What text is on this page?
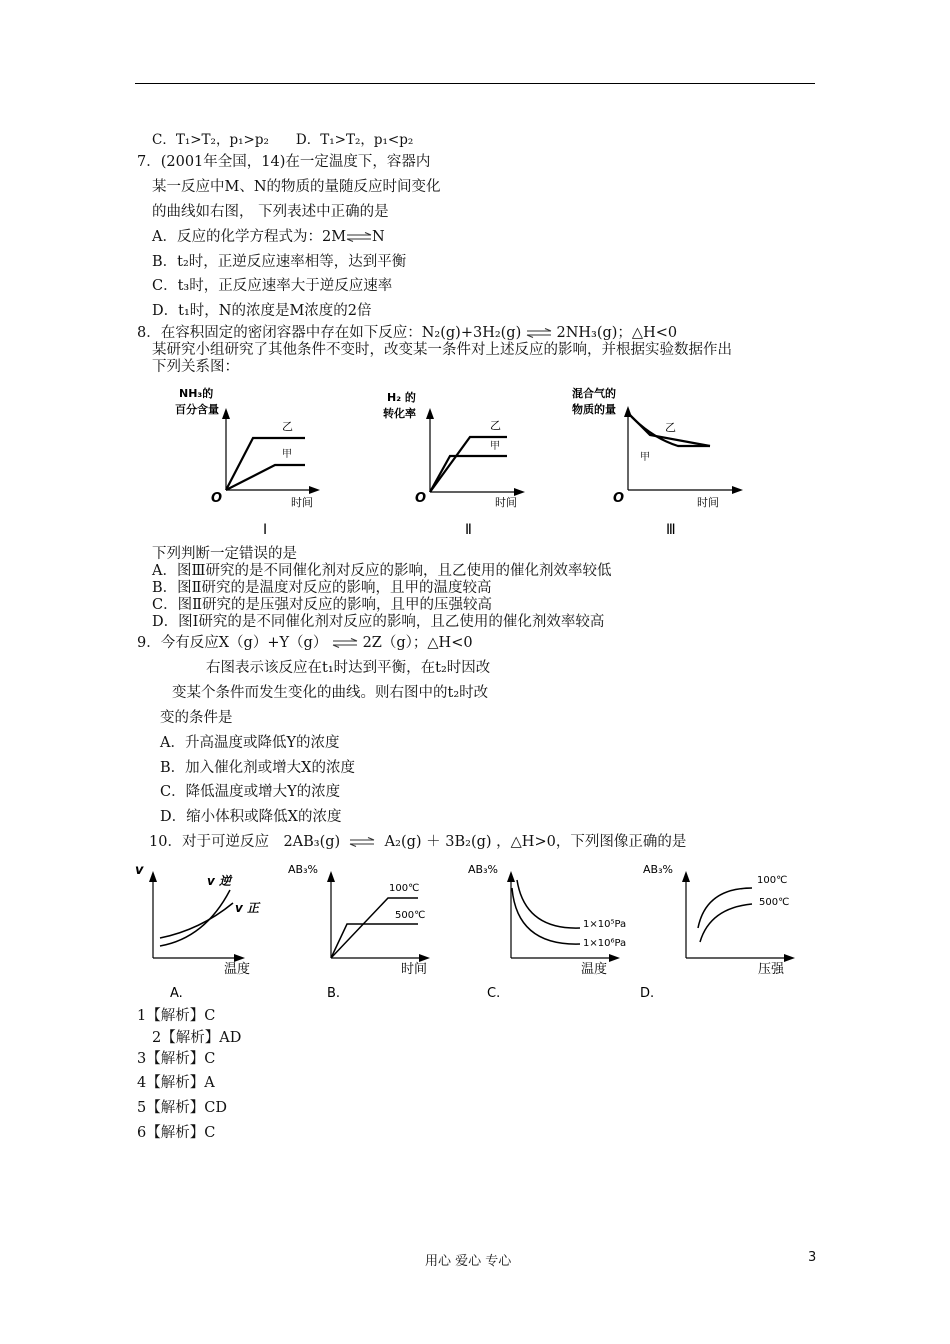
C．T₁>T₂，p₁>p₂　　D．T₁>T₂，p₁<p₂
7．(2001年全国，14)在一定温度下，容器内
某一反应中M、N的物质的量随反应时间变化
的曲线如右图， 下列表述中正确的是
A．反应的化学方程式为：2M N
B．t₂时，正逆反应速率相等，达到平衡
C．t₃时，正反应速率大于逆反应速率
D．t₁时，N的浓度是M浓度的2倍
8．在容积固定的密闭容器中存在如下反应：N₂(g)+3H₂(g) 2NH₃(g)；△H<0
某研究小组研究了其他条件不变时，改变某一条件对上述反应的影响，并根据实验数据作出
下列关系图：
NH₃的
百分含量
乙
甲
O	时间
Ⅰ
H₂ 的
转化率
乙
甲
O	时间
Ⅱ
混合气的
物质的量
乙
甲
O	时间
Ⅲ
下列判断一定错误的是
A．图Ⅲ研究的是不同催化剂对反应的影响，且乙使用的催化剂效率较低
B．图Ⅱ研究的是温度对反应的影响，且甲的温度较高
C．图Ⅱ研究的是压强对反应的影响，且甲的压强较高
D．图Ⅰ研究的是不同催化剂对反应的影响，且乙使用的催化剂效率较高
9．今有反应X（g）+Y（g） 2Z（g）；△H<0
右图表示该反应在t₁时达到平衡，在t₂时因改
变某个条件而发生变化的曲线。则右图中的t₂时改
变的条件是
A．升高温度或降低Y的浓度
B．加入催化剂或增大X的浓度
C．降低温度或增大Y的浓度
D．缩小体积或降低X的浓度
10．对于可逆反应　2AB₃(g)	A₂(g) ＋ 3B₂(g) ，△H>0，下列图像正确的是
v
v 逆
v 正
温度
A.
AB₃%
100℃
500℃
时间
B.
AB₃%
1×10⁵Pa
1×10⁶Pa
温度
C.
AB₃%
100℃
500℃
压强
D.
1【解析】C
2【解析】AD
3【解析】C
4【解析】A
5【解析】CD
6【解析】C
用心 爱心 专心	3
